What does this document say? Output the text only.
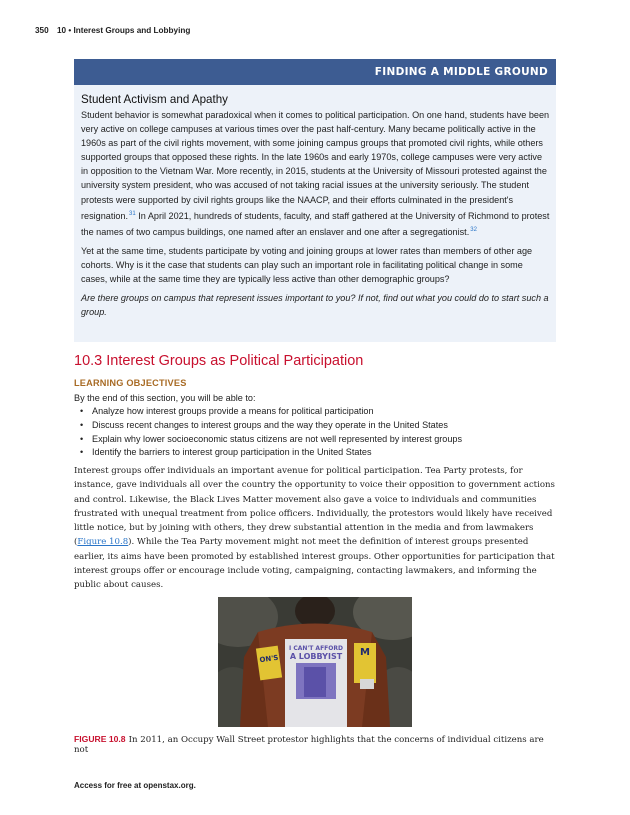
350 10 • Interest Groups and Lobbying
FINDING A MIDDLE GROUND
Student Activism and Apathy

Student behavior is somewhat paradoxical when it comes to political participation. On one hand, students have been very active on college campuses at various times over the past half-century. Many became politically active in the 1960s as part of the civil rights movement, with some joining campus groups that promoted civil rights, while others supported groups that opposed these rights. In the late 1960s and early 1970s, college campuses were very active in opposition to the Vietnam War. More recently, in 2015, students at the University of Missouri protested against the university system president, who was accused of not taking racial issues at the university seriously. The student protests were supported by civil rights groups like the NAACP, and their efforts culminated in the president's resignation.$^{31}$ In April 2021, hundreds of students, faculty, and staff gathered at the University of Richmond to protest the names of two campus buildings, one named after an enslaver and one after a segregationist.$^{32}$

Yet at the same time, students participate by voting and joining groups at lower rates than members of other age cohorts. Why is it the case that students can play such an important role in facilitating political change in some cases, while at the same time they are typically less active than other demographic groups?

Are there groups on campus that represent issues important to you? If not, find out what you could do to start such a group.

10.3 Interest Groups as Political Participation
LEARNING OBJECTIVES
By the end of this section, you will be able to:
• Analyze how interest groups provide a means for political participation
• Discuss recent changes to interest groups and the way they operate in the United States
• Explain why lower socioeconomic status citizens are not well represented by interest groups
• Identify the barriers to interest group participation in the United States

Interest groups offer individuals an important avenue for political participation. Tea Party protests, for instance, gave individuals all over the country the opportunity to voice their opposition to government actions and control. Likewise, the Black Lives Matter movement also gave a voice to individuals and communities frustrated with unequal treatment from police officers. Individually, the protestors would likely have received little notice, but by joining with others, they drew substantial attention in the media and from lawmakers (Figure 10.8). While the Tea Party movement might not meet the definition of interest groups presented earlier, its aims have been promoted by established interest groups. Other opportunities for participation that interest groups offer or encourage include voting, campaigning, contacting lawmakers, and informing the public about causes.

I CAN'T AFFORD
A LOBBYIST
ON'S
M
FIGURE 10.8 In 2011, an Occupy Wall Street protestor highlights that the concerns of individual citizens are not
Access for free at openstax.org.
